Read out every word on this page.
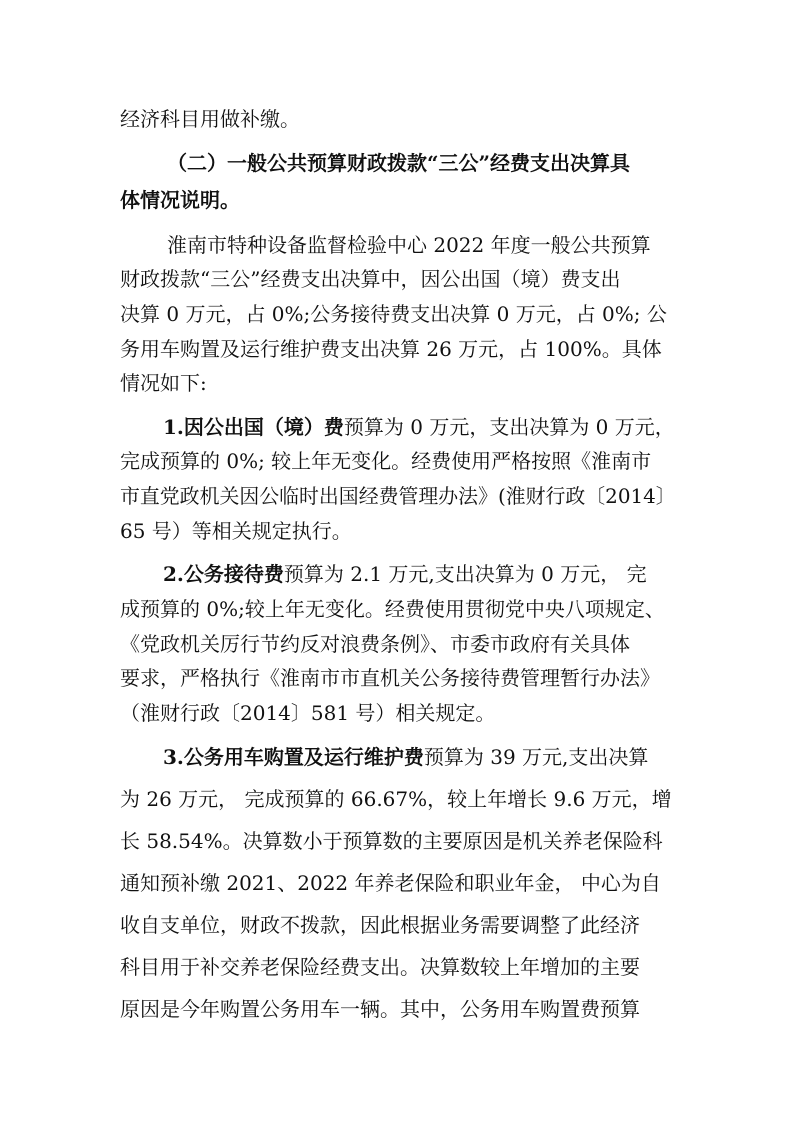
经济科目用做补缴。

（二）一般公共预算财政拨款“三公”经费支出决算具

体情况说明。

淮南市特种设备监督检验中心 2022 年度一般公共预算

财政拨款“三公”经费支出决算中，因公出国（境）费支出

决算 0 万元，占 0%;公务接待费支出决算 0 万元，占 0%; 公

务用车购置及运行维护费支出决算 26 万元，占 100%。具体

情况如下:

1.因公出国（境）费预算为 0 万元，支出决算为 0 万元，

完成预算的 0%; 较上年无变化。经费使用严格按照《淮南市

市直党政机关因公临时出国经费管理办法》(淮财行政〔2014〕

65 号）等相关规定执行。

2.公务接待费预算为 2.1 万元,支出决算为 0 万元， 完

成预算的 0%;较上年无变化。经费使用贯彻党中央八项规定、

《党政机关厉行节约反对浪费条例》、市委市政府有关具体

要求，严格执行《淮南市市直机关公务接待费管理暂行办法》

（淮财行政〔2014〕581 号）相关规定。

3.公务用车购置及运行维护费预算为 39 万元,支出决算

为 26 万元， 完成预算的 66.67%，较上年增长 9.6 万元，增

长 58.54%。决算数小于预算数的主要原因是机关养老保险科

通知预补缴 2021、2022 年养老保险和职业年金， 中心为自

收自支单位，财政不拨款，因此根据业务需要调整了此经济

科目用于补交养老保险经费支出。决算数较上年增加的主要

原因是今年购置公务用车一辆。其中，公务用车购置费预算
